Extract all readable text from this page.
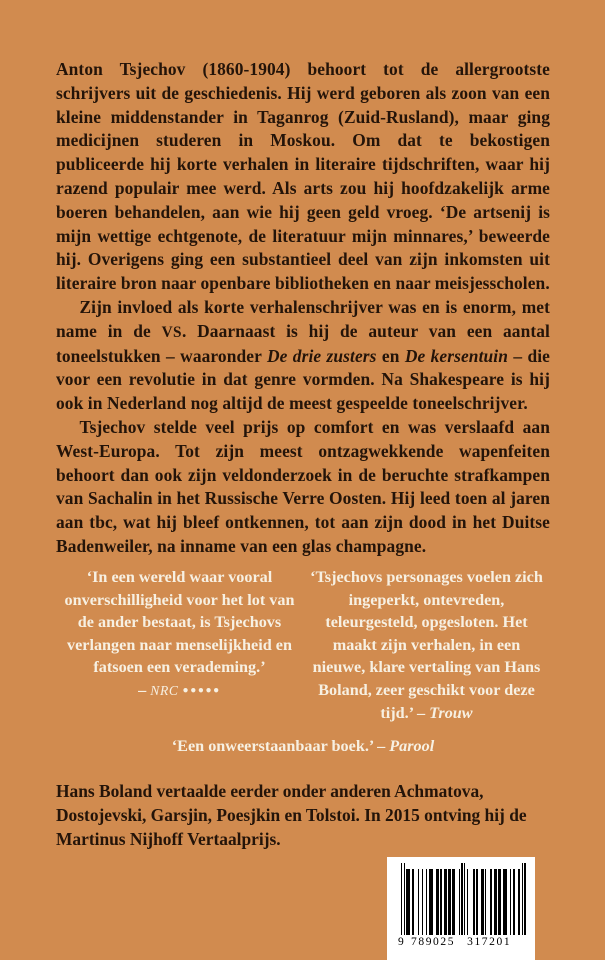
Anton Tsjechov (1860-1904) behoort tot de allergrootste schrijvers uit de geschiedenis. Hij werd geboren als zoon van een kleine middenstander in Taganrog (Zuid-Rusland), maar ging medicijnen studeren in Moskou. Om dat te bekostigen publiceerde hij korte verhalen in literaire tijdschriften, waar hij razend populair mee werd. Als arts zou hij hoofdzakelijk arme boeren behandelen, aan wie hij geen geld vroeg. ‘De artsenij is mijn wettige echtgenote, de literatuur mijn minnares,’ beweerde hij. Overigens ging een substantieel deel van zijn inkomsten uit literaire bron naar openbare bibliotheken en naar meisjesscholen.

Zijn invloed als korte verhalenschrijver was en is enorm, met name in de VS. Daarnaast is hij de auteur van een aantal toneelstukken – waaronder De drie zusters en De kersentuin – die voor een revolutie in dat genre vormden. Na Shakespeare is hij ook in Nederland nog altijd de meest gespeelde toneelschrijver.

Tsjechov stelde veel prijs op comfort en was verslaafd aan West-Europa. Tot zijn meest ontzagwekkende wapenfeiten behoort dan ook zijn veldonderzoek in de beruchte strafkampen van Sachalin in het Russische Verre Oosten. Hij leed toen al jaren aan tbc, wat hij bleef ontkennen, tot aan zijn dood in het Duitse Badenweiler, na inname van een glas champagne.

‘In een wereld waar vooral onverschilligheid voor het lot van de ander bestaat, is Tsjechovs verlangen naar menselijkheid en fatsoen een verademing.’

– NRC ●●●●●

‘Tsjechovs personages voelen zich ingeperkt, ontevreden, teleurgesteld, opgesloten. Het maakt zijn verhalen, in een nieuwe, klare vertaling van Hans Boland, zeer geschikt voor deze tijd.’ – Trouw

‘Een onweerstaanbaar boek.’ – Parool

Hans Boland vertaalde eerder onder anderen Achmatova, Dostojevski, Garsjin, Poesjkin en Tolstoi. In 2015 ontving hij de Martinus Nijhoff Vertaalprijs.

9 789025 317201
